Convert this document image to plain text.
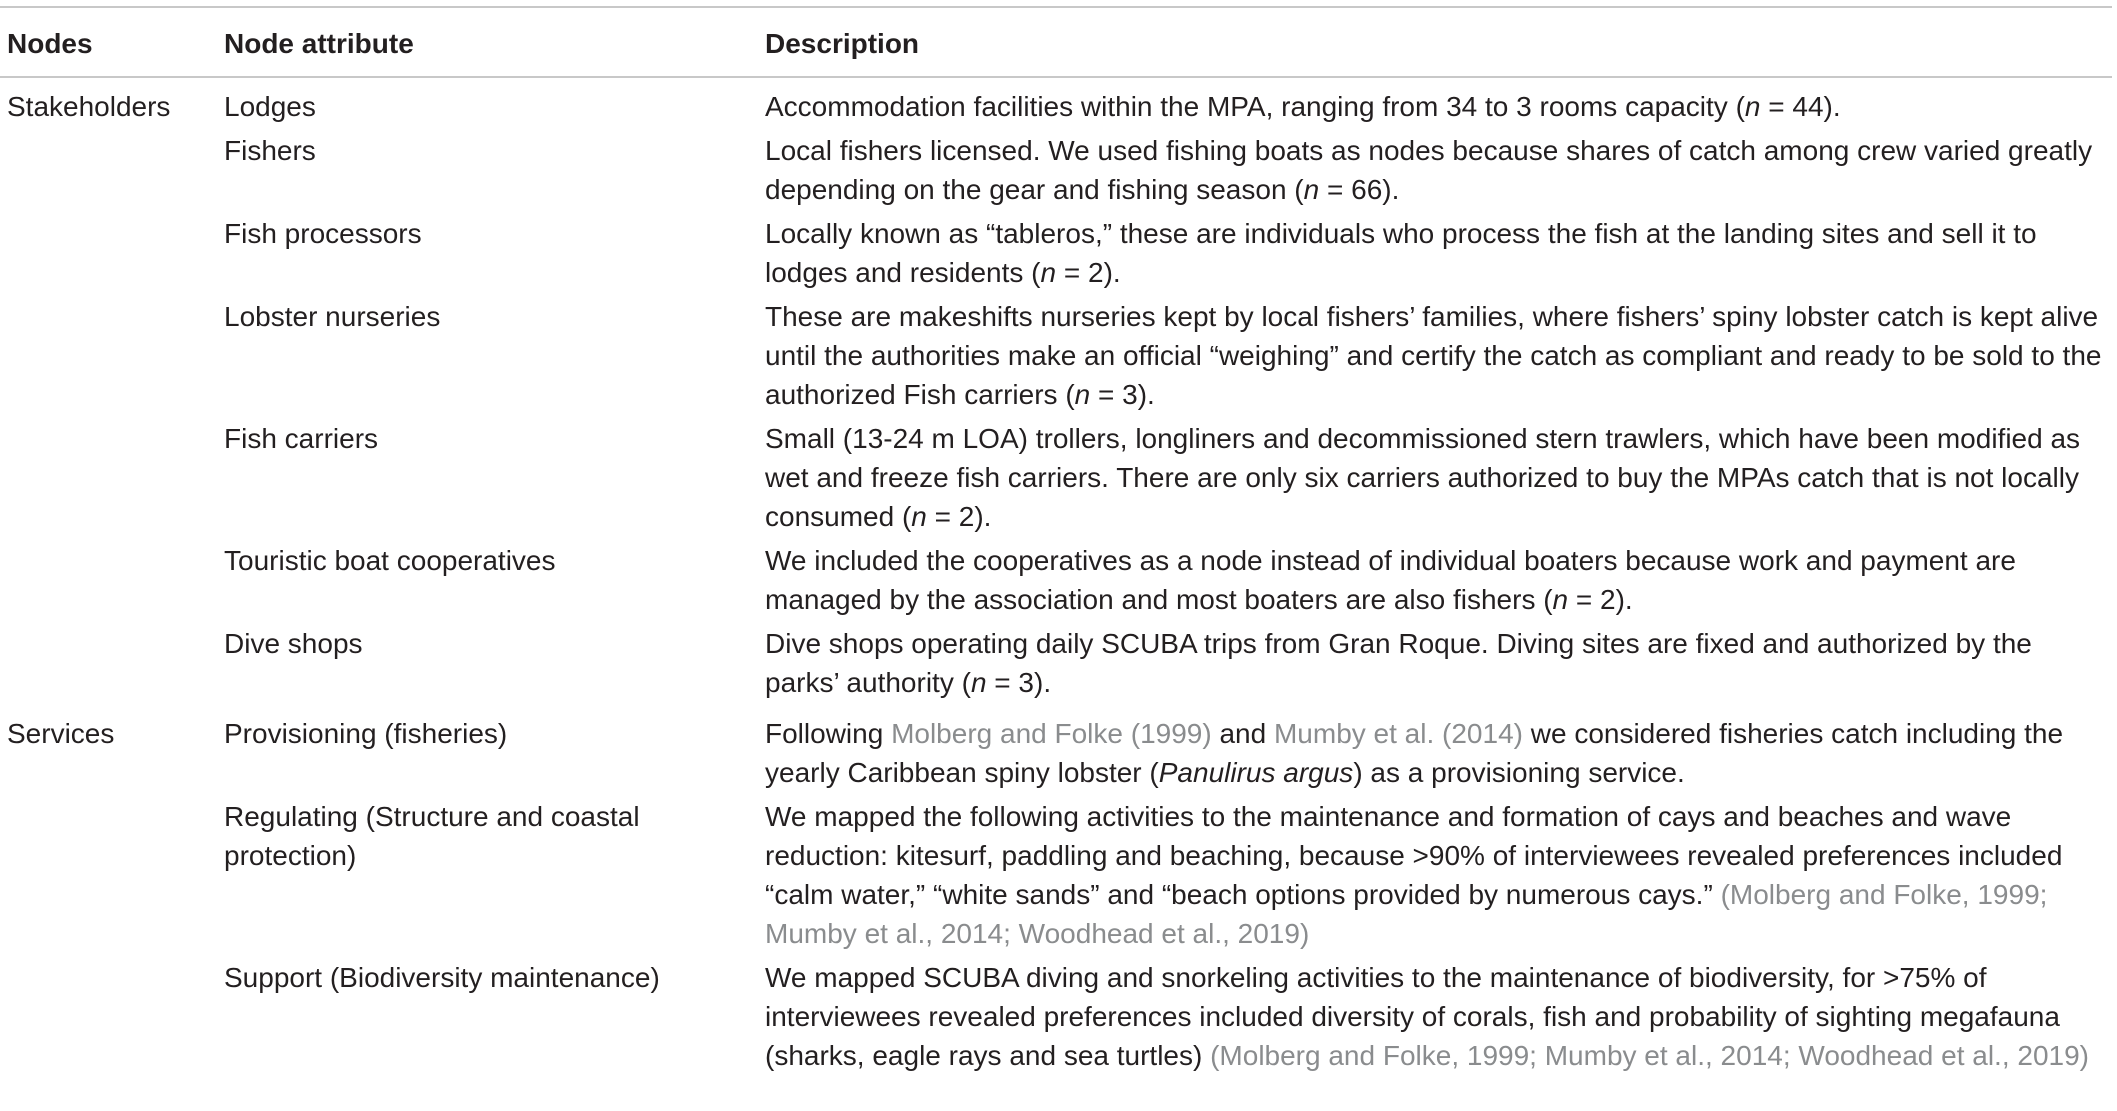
Nodes	Node attribute	Description
Stakeholders	Lodges	Accommodation facilities within the MPA, ranging from 34 to 3 rooms capacity (n = 44).
	Fishers	Local fishers licensed. We used fishing boats as nodes because shares of catch among crew varied greatly depending on the gear and fishing season (n = 66).
	Fish processors	Locally known as “tableros,” these are individuals who process the fish at the landing sites and sell it to lodges and residents (n = 2).
	Lobster nurseries	These are makeshifts nurseries kept by local fishers’ families, where fishers’ spiny lobster catch is kept alive until the authorities make an official “weighing” and certify the catch as compliant and ready to be sold to the authorized Fish carriers (n = 3).
	Fish carriers	Small (13-24 m LOA) trollers, longliners and decommissioned stern trawlers, which have been modified as wet and freeze fish carriers. There are only six carriers authorized to buy the MPAs catch that is not locally consumed (n = 2).
	Touristic boat cooperatives	We included the cooperatives as a node instead of individual boaters because work and payment are managed by the association and most boaters are also fishers (n = 2).
	Dive shops	Dive shops operating daily SCUBA trips from Gran Roque. Diving sites are fixed and authorized by the parks’ authority (n = 3).
Services	Provisioning (fisheries)	Following Molberg and Folke (1999) and Mumby et al. (2014) we considered fisheries catch including the yearly Caribbean spiny lobster (Panulirus argus) as a provisioning service.
	Regulating (Structure and coastal protection)	We mapped the following activities to the maintenance and formation of cays and beaches and wave reduction: kitesurf, paddling and beaching, because >90% of interviewees revealed preferences included “calm water,” “white sands” and “beach options provided by numerous cays.” (Molberg and Folke, 1999; Mumby et al., 2014; Woodhead et al., 2019)
	Support (Biodiversity maintenance)	We mapped SCUBA diving and snorkeling activities to the maintenance of biodiversity, for >75% of interviewees revealed preferences included diversity of corals, fish and probability of sighting megafauna (sharks, eagle rays and sea turtles) (Molberg and Folke, 1999; Mumby et al., 2014; Woodhead et al., 2019)
